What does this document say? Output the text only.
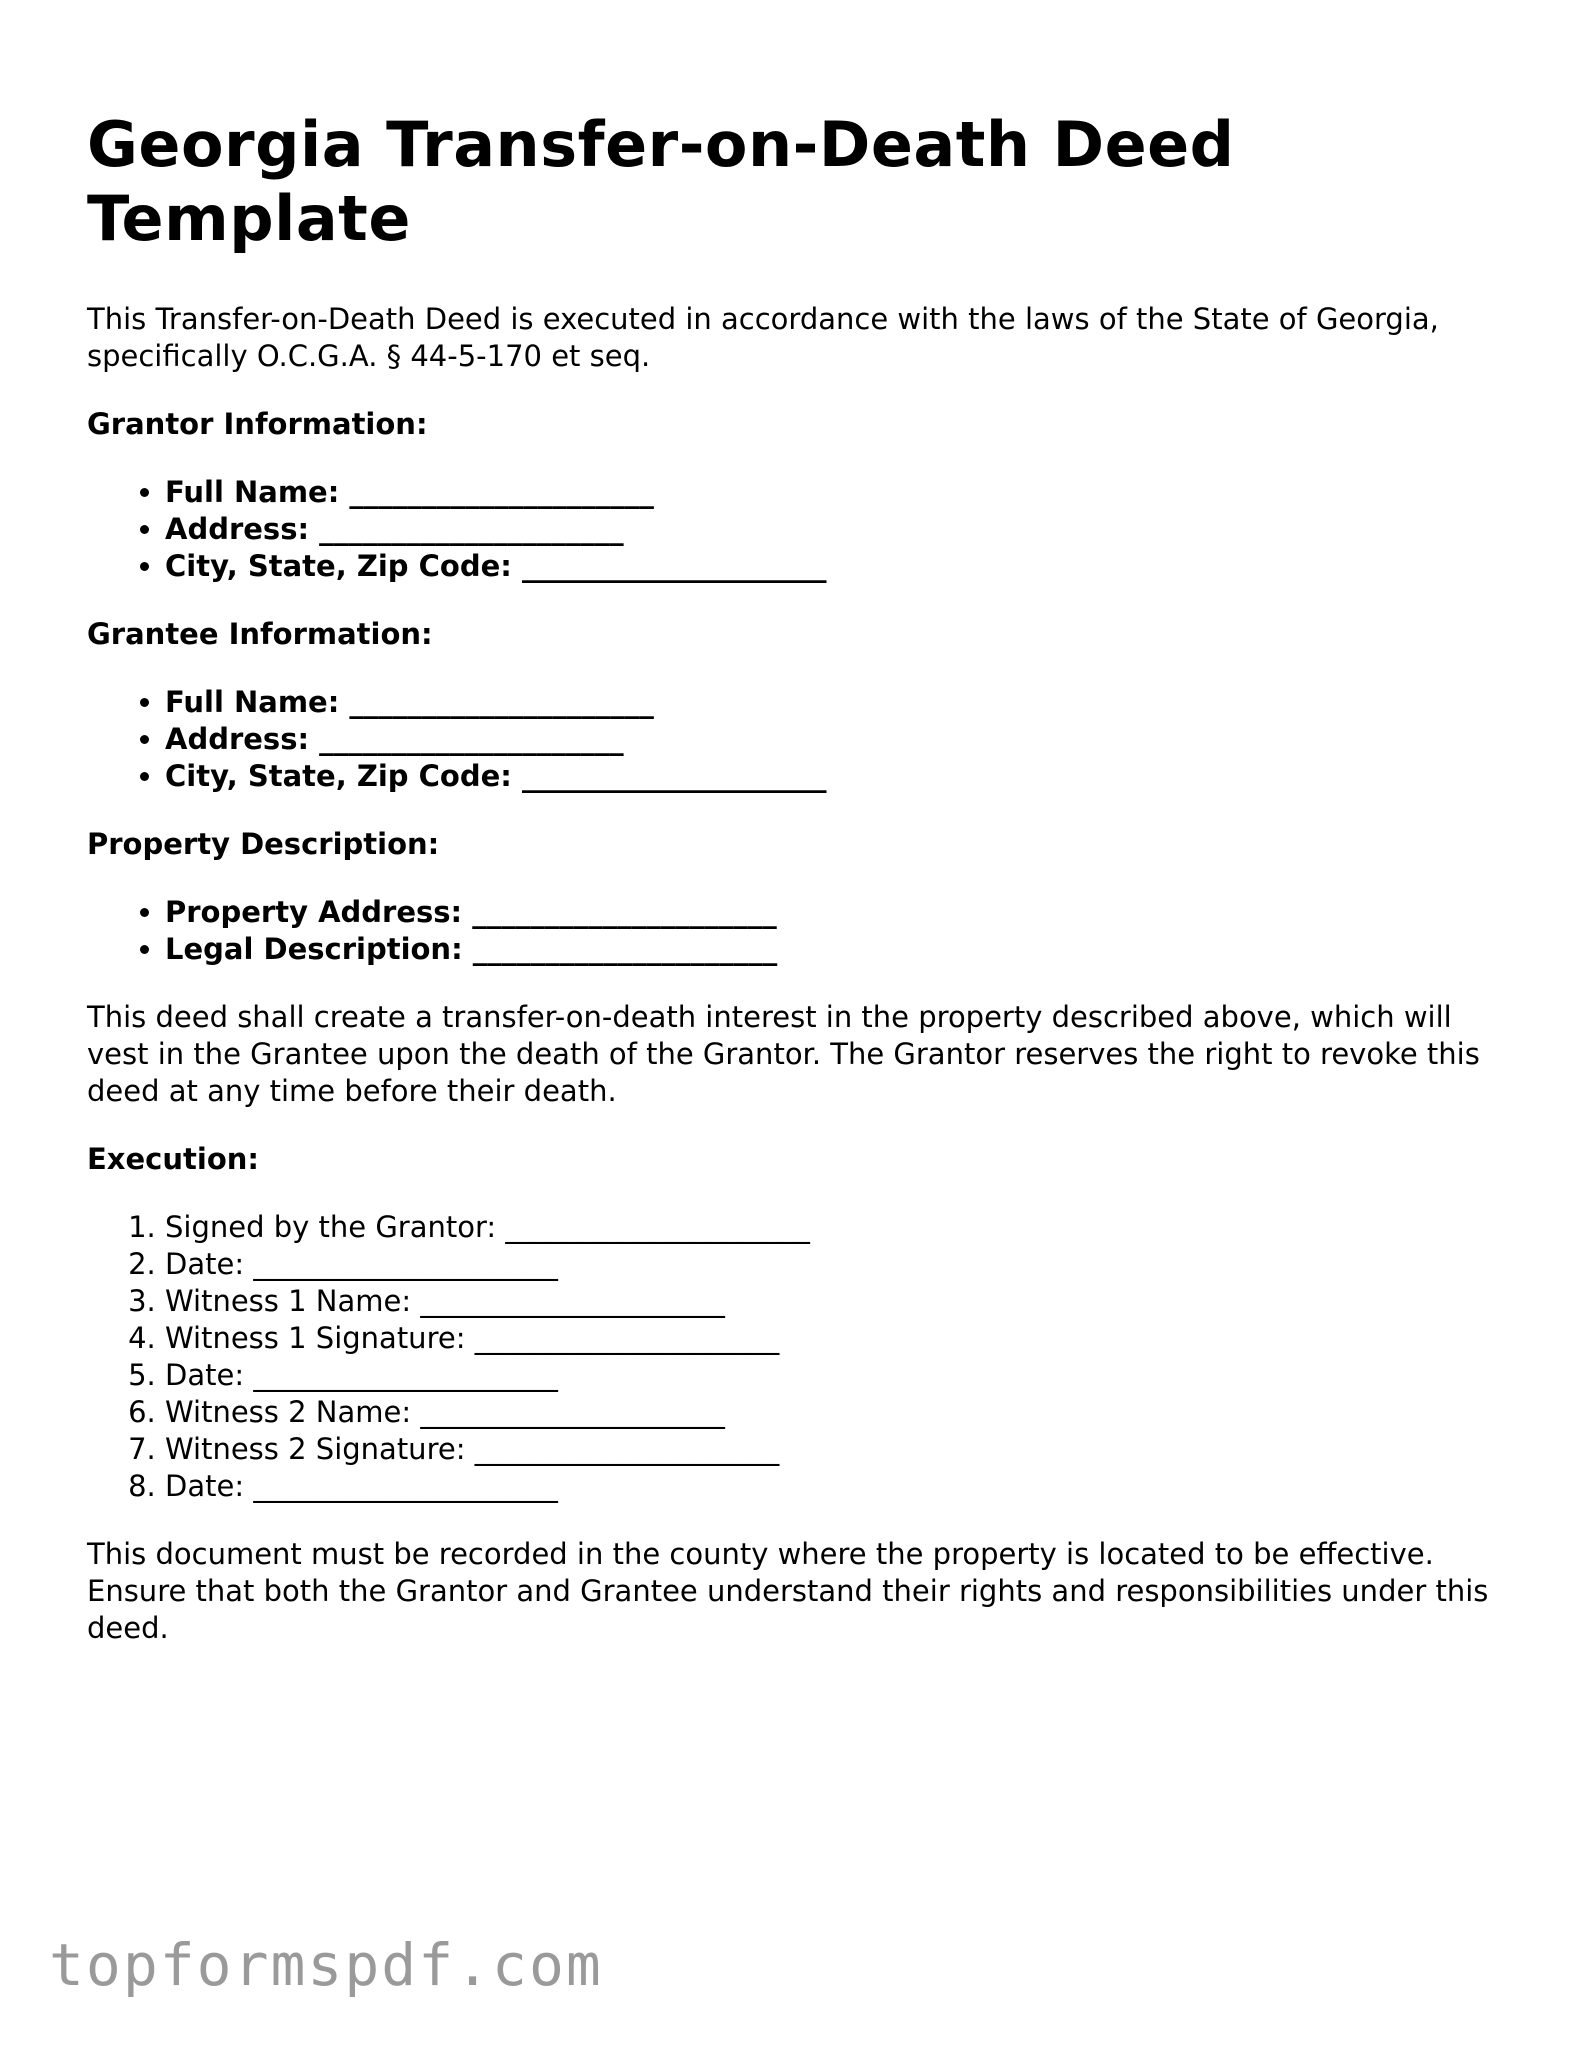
Georgia Transfer-on-Death Deed Template

This Transfer-on-Death Deed is executed in accordance with the laws of the State of Georgia, specifically O.C.G.A. § 44-5-170 et seq.

Grantor Information:
• Full Name: _____________________
• Address: _____________________
• City, State, Zip Code: _____________________
Grantee Information:
• Full Name: _____________________
• Address: _____________________
• City, State, Zip Code: _____________________
Property Description:
• Property Address: _____________________
• Legal Description: _____________________

This deed shall create a transfer-on-death interest in the property described above, which will vest in the Grantee upon the death of the Grantor. The Grantor reserves the right to revoke this deed at any time before their death.

Execution:
1. Signed by the Grantor: _____________________
2. Date: _____________________
3. Witness 1 Name: _____________________
4. Witness 1 Signature: _____________________
5. Date: _____________________
6. Witness 2 Name: _____________________
7. Witness 2 Signature: _____________________
8. Date: _____________________

This document must be recorded in the county where the property is located to be effective. Ensure that both the Grantor and Grantee understand their rights and responsibilities under this deed.

topformspdf.com
